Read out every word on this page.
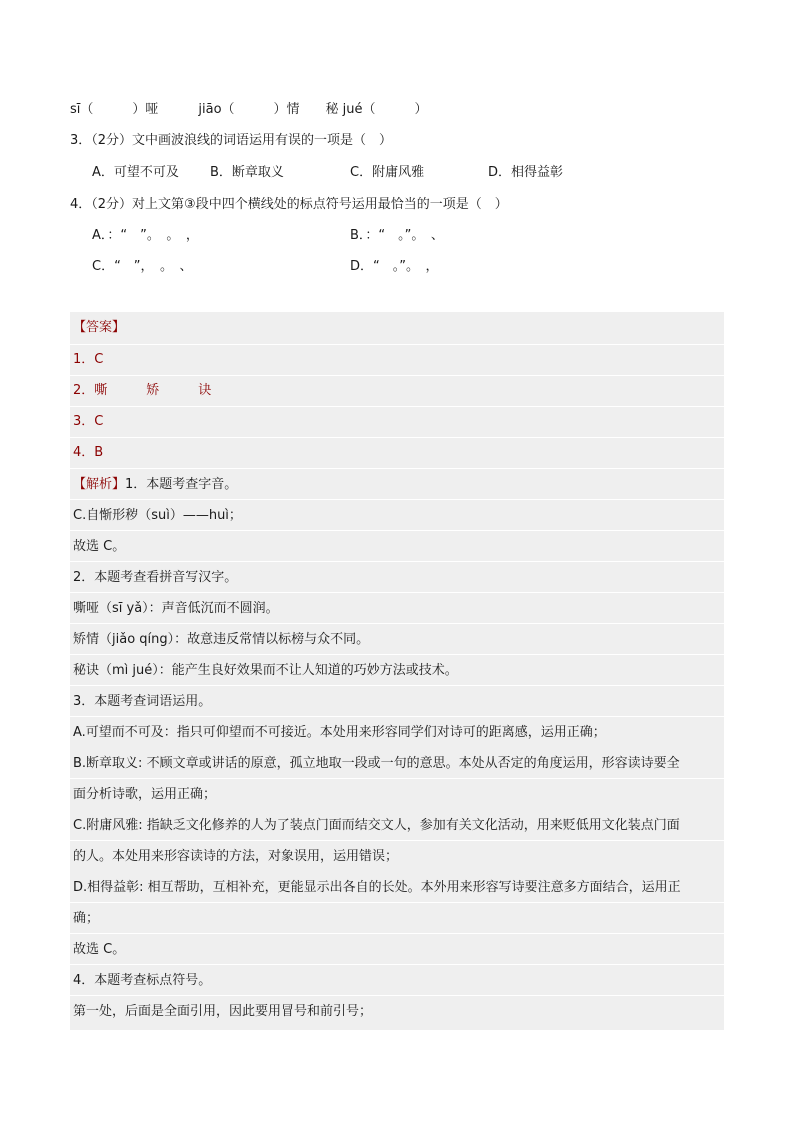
sī（　　　）哑	jiāo（　　　）情 秘 jué（　　　）
3．（2分）文中画波浪线的词语运用有误的一项是（　）
A．可望不可及 B．断章取义	C．附庸风雅	D．相得益彰
4．（2分）对上文第③段中四个横线处的标点符号运用最恰当的一项是（　）
A．：“　”。　。　，	B．：“　。”。　、
C．“　”，　。　、	D．“　。”。　，
【答案】
1．C
2．嘶　　　矫　　　诀
3．C
4．B
【解析】1．本题考查字音。
C.自惭形秽（suì）——huì；
故选 C。
2．本题考查看拼音写汉字。
嘶哑（sī yǎ）：声音低沉而不圆润。
矫情（jiǎo qíng）：故意违反常情以标榜与众不同。
秘诀（mì jué）：能产生良好效果而不让人知道的巧妙方法或技术。
3．本题考查词语运用。
A.可望而不可及：指只可仰望而不可接近。本处用来形容同学们对诗可的距离感，运用正确；
B.断章取义: 不顾文章或讲话的原意，孤立地取一段或一句的意思。本处从否定的角度运用，形容读诗要全
面分析诗歌，运用正确；
C.附庸风雅: 指缺乏文化修养的人为了装点门面而结交文人，参加有关文化活动，用来贬低用文化装点门面
的人。本处用来形容读诗的方法，对象误用，运用错误；
D.相得益彰: 相互帮助，互相补充，更能显示出各自的长处。本外用来形容写诗要注意多方面结合，运用正
确；
故选 C。
4．本题考查标点符号。
第一处，后面是全面引用，因此要用冒号和前引号；
